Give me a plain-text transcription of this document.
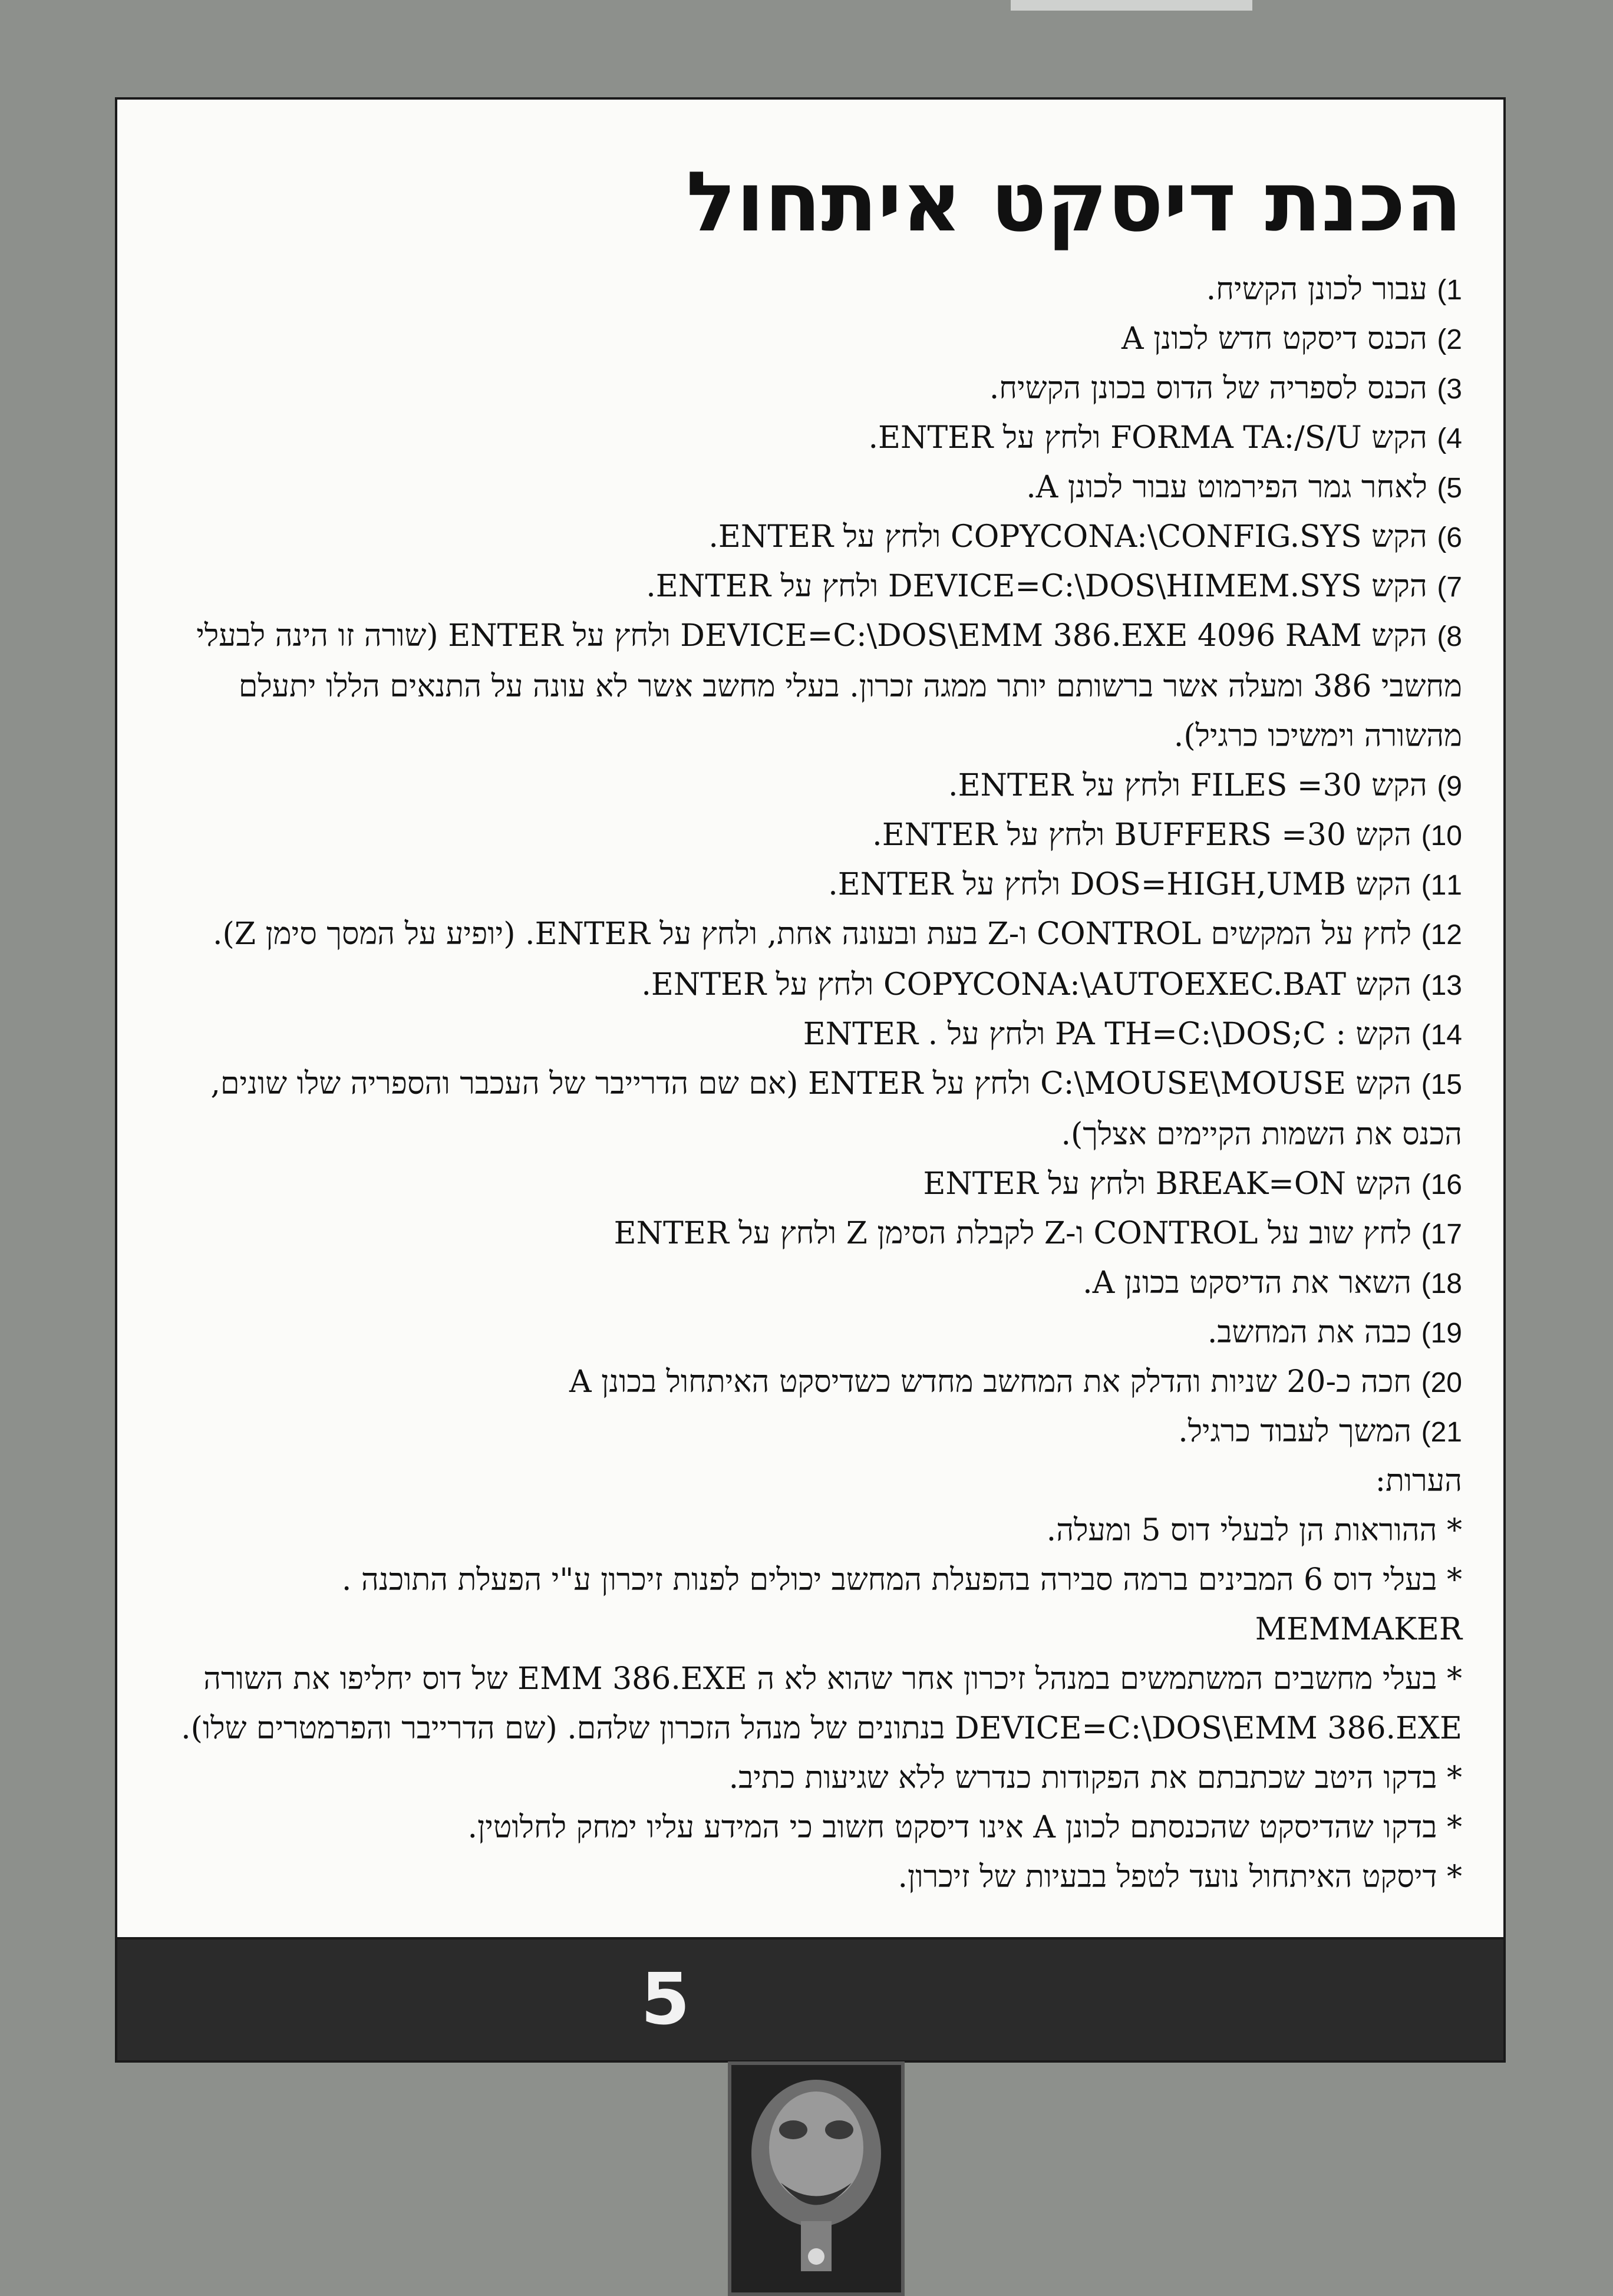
הכנת דיסקט איתחול
1) עבור לכונן הקשיח.
2) הכנס דיסקט חדש לכונן A
3) הכנס לספריה של הדוס בכונן הקשיח.
4) הקש FORMA TA:/S/U ולחץ על ENTER.
5) לאחר גמר הפירמוט עבור לכונן A.
6) הקש COPYCONA:\CONFIG.SYS ולחץ על ENTER.
7) הקש DEVICE=C:\DOS\HIMEM.SYS ולחץ על ENTER.
8) הקש DEVICE=C:\DOS\EMM 386.EXE 4096 RAM ולחץ על ENTER (שורה זו הינה לבעלי מחשבי 386 ומעלה אשר ברשותם יותר ממגה זכרון. בעלי מחשב אשר לא עונה על התנאים הללו יתעלם מהשורה וימשיכו כרגיל).
9) הקש FILES =30 ולחץ על ENTER.
10) הקש BUFFERS =30 ולחץ על ENTER.
11) הקש DOS=HIGH,UMB ולחץ על ENTER.
12) לחץ על המקשים CONTROL ו-Z בעת ובעונה אחת, ולחץ על ENTER. (יופיע על המסך סימן Z).
13) הקש COPYCONA:\AUTOEXEC.BAT ולחץ על ENTER.
14) הקש : PA TH=C:\DOS;C ולחץ על . ENTER
15) הקש C:\MOUSE\MOUSE ולחץ על ENTER (אם שם הדרייבר של העכבר והספריה שלו שונים, הכנס את השמות הקיימים אצלך).
16) הקש BREAK=ON ולחץ על ENTER
17) לחץ שוב על CONTROL ו-Z לקבלת הסימן Z ולחץ על ENTER
18) השאר את הדיסקט בכונן A.
19) כבה את המחשב.
20) חכה כ-20 שניות והדלק את המחשב מחדש כשדיסקט האיתחול בכונן A
21) המשך לעבוד כרגיל.
הערות:
* ההוראות הן לבעלי דוס 5 ומעלה.
* בעלי דוס 6 המבינים ברמה סבירה בהפעלת המחשב יכולים לפנות זיכרון ע"י הפעלת התוכנה . MEMMAKER
* בעלי מחשבים המשתמשים במנהל זיכרון אחר שהוא לא ה EMM 386.EXE של דוס יחליפו את השורה DEVICE=C:\DOS\EMM 386.EXE בנתונים של מנהל הזכרון שלהם. (שם הדרייבר והפרמטרים שלו).
* בדקו היטב שכתבתם את הפקודות כנדרש ללא שגיעות כתיב.
* בדקו שהדיסקט שהכנסתם לכונן A אינו דיסקט חשוב כי המידע עליו ימחק לחלוטין.
* דיסקט האיתחול נועד לטפל בבעיות של זיכרון.
5
